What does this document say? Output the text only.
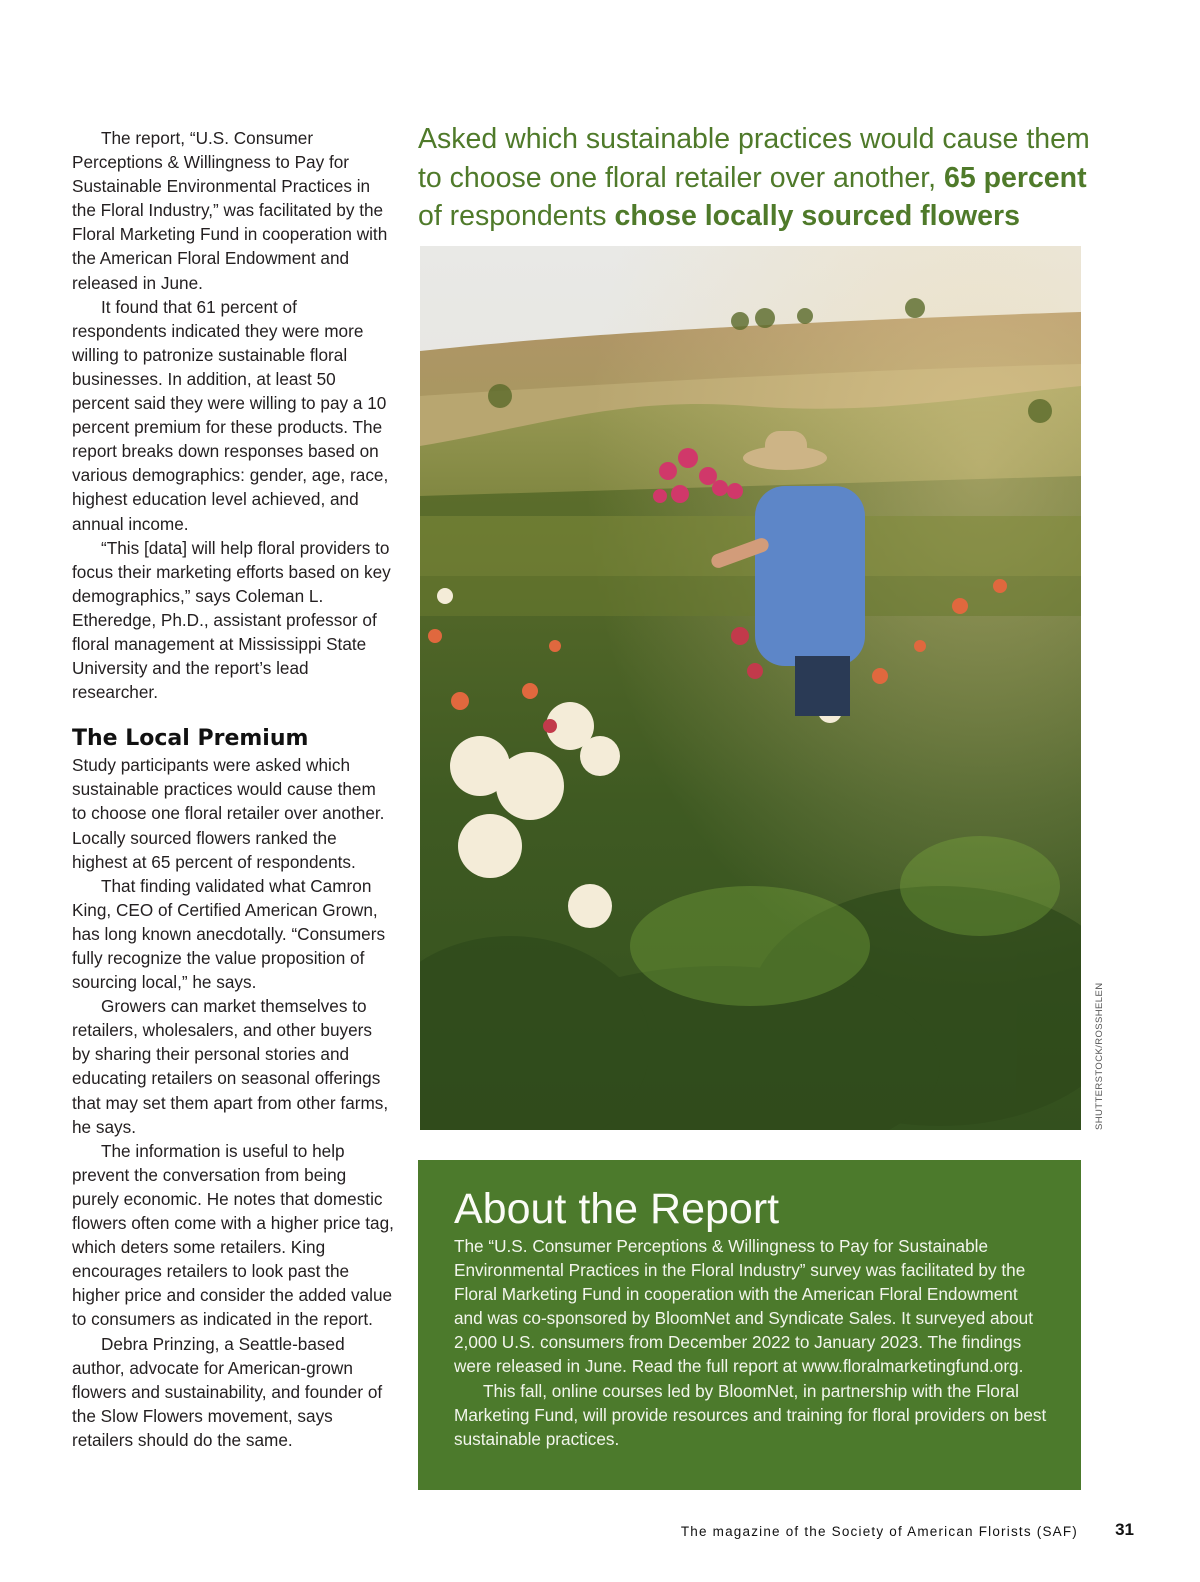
The report, “U.S. Consumer Perceptions & Willingness to Pay for Sustainable Environmental Practices in the Floral Industry,” was facilitated by the Floral Marketing Fund in cooperation with the American Floral Endowment and released in June.

It found that 61 percent of respondents indicated they were more willing to patronize sustainable floral businesses. In addition, at least 50 percent said they were willing to pay a 10 percent premium for these products. The report breaks down responses based on various demographics: gender, age, race, highest education level achieved, and annual income.

“This [data] will help floral providers to focus their marketing efforts based on key demographics,” says Coleman L. Etheredge, Ph.D., assistant professor of floral management at Mississippi State University and the report’s lead researcher.

The Local Premium

Study participants were asked which sustainable practices would cause them to choose one floral retailer over another. Locally sourced flowers ranked the highest at 65 percent of respondents.

That finding validated what Camron King, CEO of Certified American Grown, has long known anecdotally. “Consumers fully recognize the value proposition of sourcing local,” he says.

Growers can market themselves to retailers, wholesalers, and other buyers by sharing their personal stories and educating retailers on seasonal offerings that may set them apart from other farms, he says.

The information is useful to help prevent the conversation from being purely economic. He notes that domestic flowers often come with a higher price tag, which deters some retailers. King encourages retailers to look past the higher price and consider the added value to consumers as indicated in the report.

Debra Prinzing, a Seattle-based author, advocate for American-grown flowers and sustainability, and founder of the Slow Flowers movement, says retailers should do the same.

Asked which sustainable practices would cause them to choose one floral retailer over another, 65 percent of respondents chose locally sourced flowers
SHUTTERSTOCK/ROSSHELEN
About the Report

The “U.S. Consumer Perceptions & Willingness to Pay for Sustainable Environmental Practices in the Floral Industry” survey was facilitated by the Floral Marketing Fund in cooperation with the American Floral Endowment and was co-sponsored by BloomNet and Syndicate Sales. It surveyed about 2,000 U.S. consumers from December 2022 to January 2023. The findings were released in June. Read the full report at www.floralmarketingfund.org.

This fall, online courses led by BloomNet, in partnership with the Floral Marketing Fund, will provide resources and training for floral providers on best sustainable practices.

The magazine of the Society of American Florists (SAF) 31
